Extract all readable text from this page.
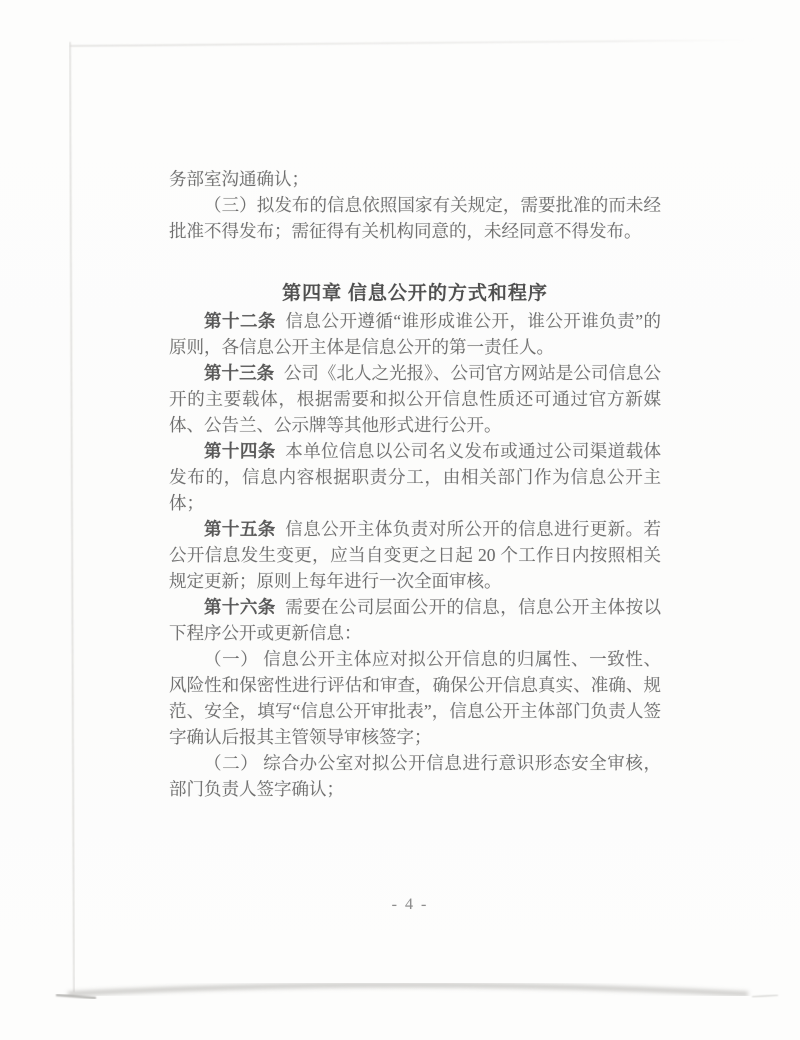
务部室沟通确认；

（三）拟发布的信息依照国家有关规定，需要批准的而未经批准不得发布；需征得有关机构同意的，未经同意不得发布。

第四章 信息公开的方式和程序

第十二条 信息公开遵循“谁形成谁公开，谁公开谁负责”的原则，各信息公开主体是信息公开的第一责任人。

第十三条 公司《北人之光报》、公司官方网站是公司信息公开的主要载体，根据需要和拟公开信息性质还可通过官方新媒体、公告兰、公示牌等其他形式进行公开。

第十四条 本单位信息以公司名义发布或通过公司渠道载体发布的，信息内容根据职责分工，由相关部门作为信息公开主体；

第十五条 信息公开主体负责对所公开的信息进行更新。若公开信息发生变更，应当自变更之日起 20 个工作日内按照相关规定更新；原则上每年进行一次全面审核。

第十六条 需要在公司层面公开的信息，信息公开主体按以下程序公开或更新信息：

（一） 信息公开主体应对拟公开信息的归属性、一致性、风险性和保密性进行评估和审查，确保公开信息真实、准确、规范、安全，填写“信息公开审批表”，信息公开主体部门负责人签字确认后报其主管领导审核签字；

（二） 综合办公室对拟公开信息进行意识形态安全审核，部门负责人签字确认；

- 4 -
